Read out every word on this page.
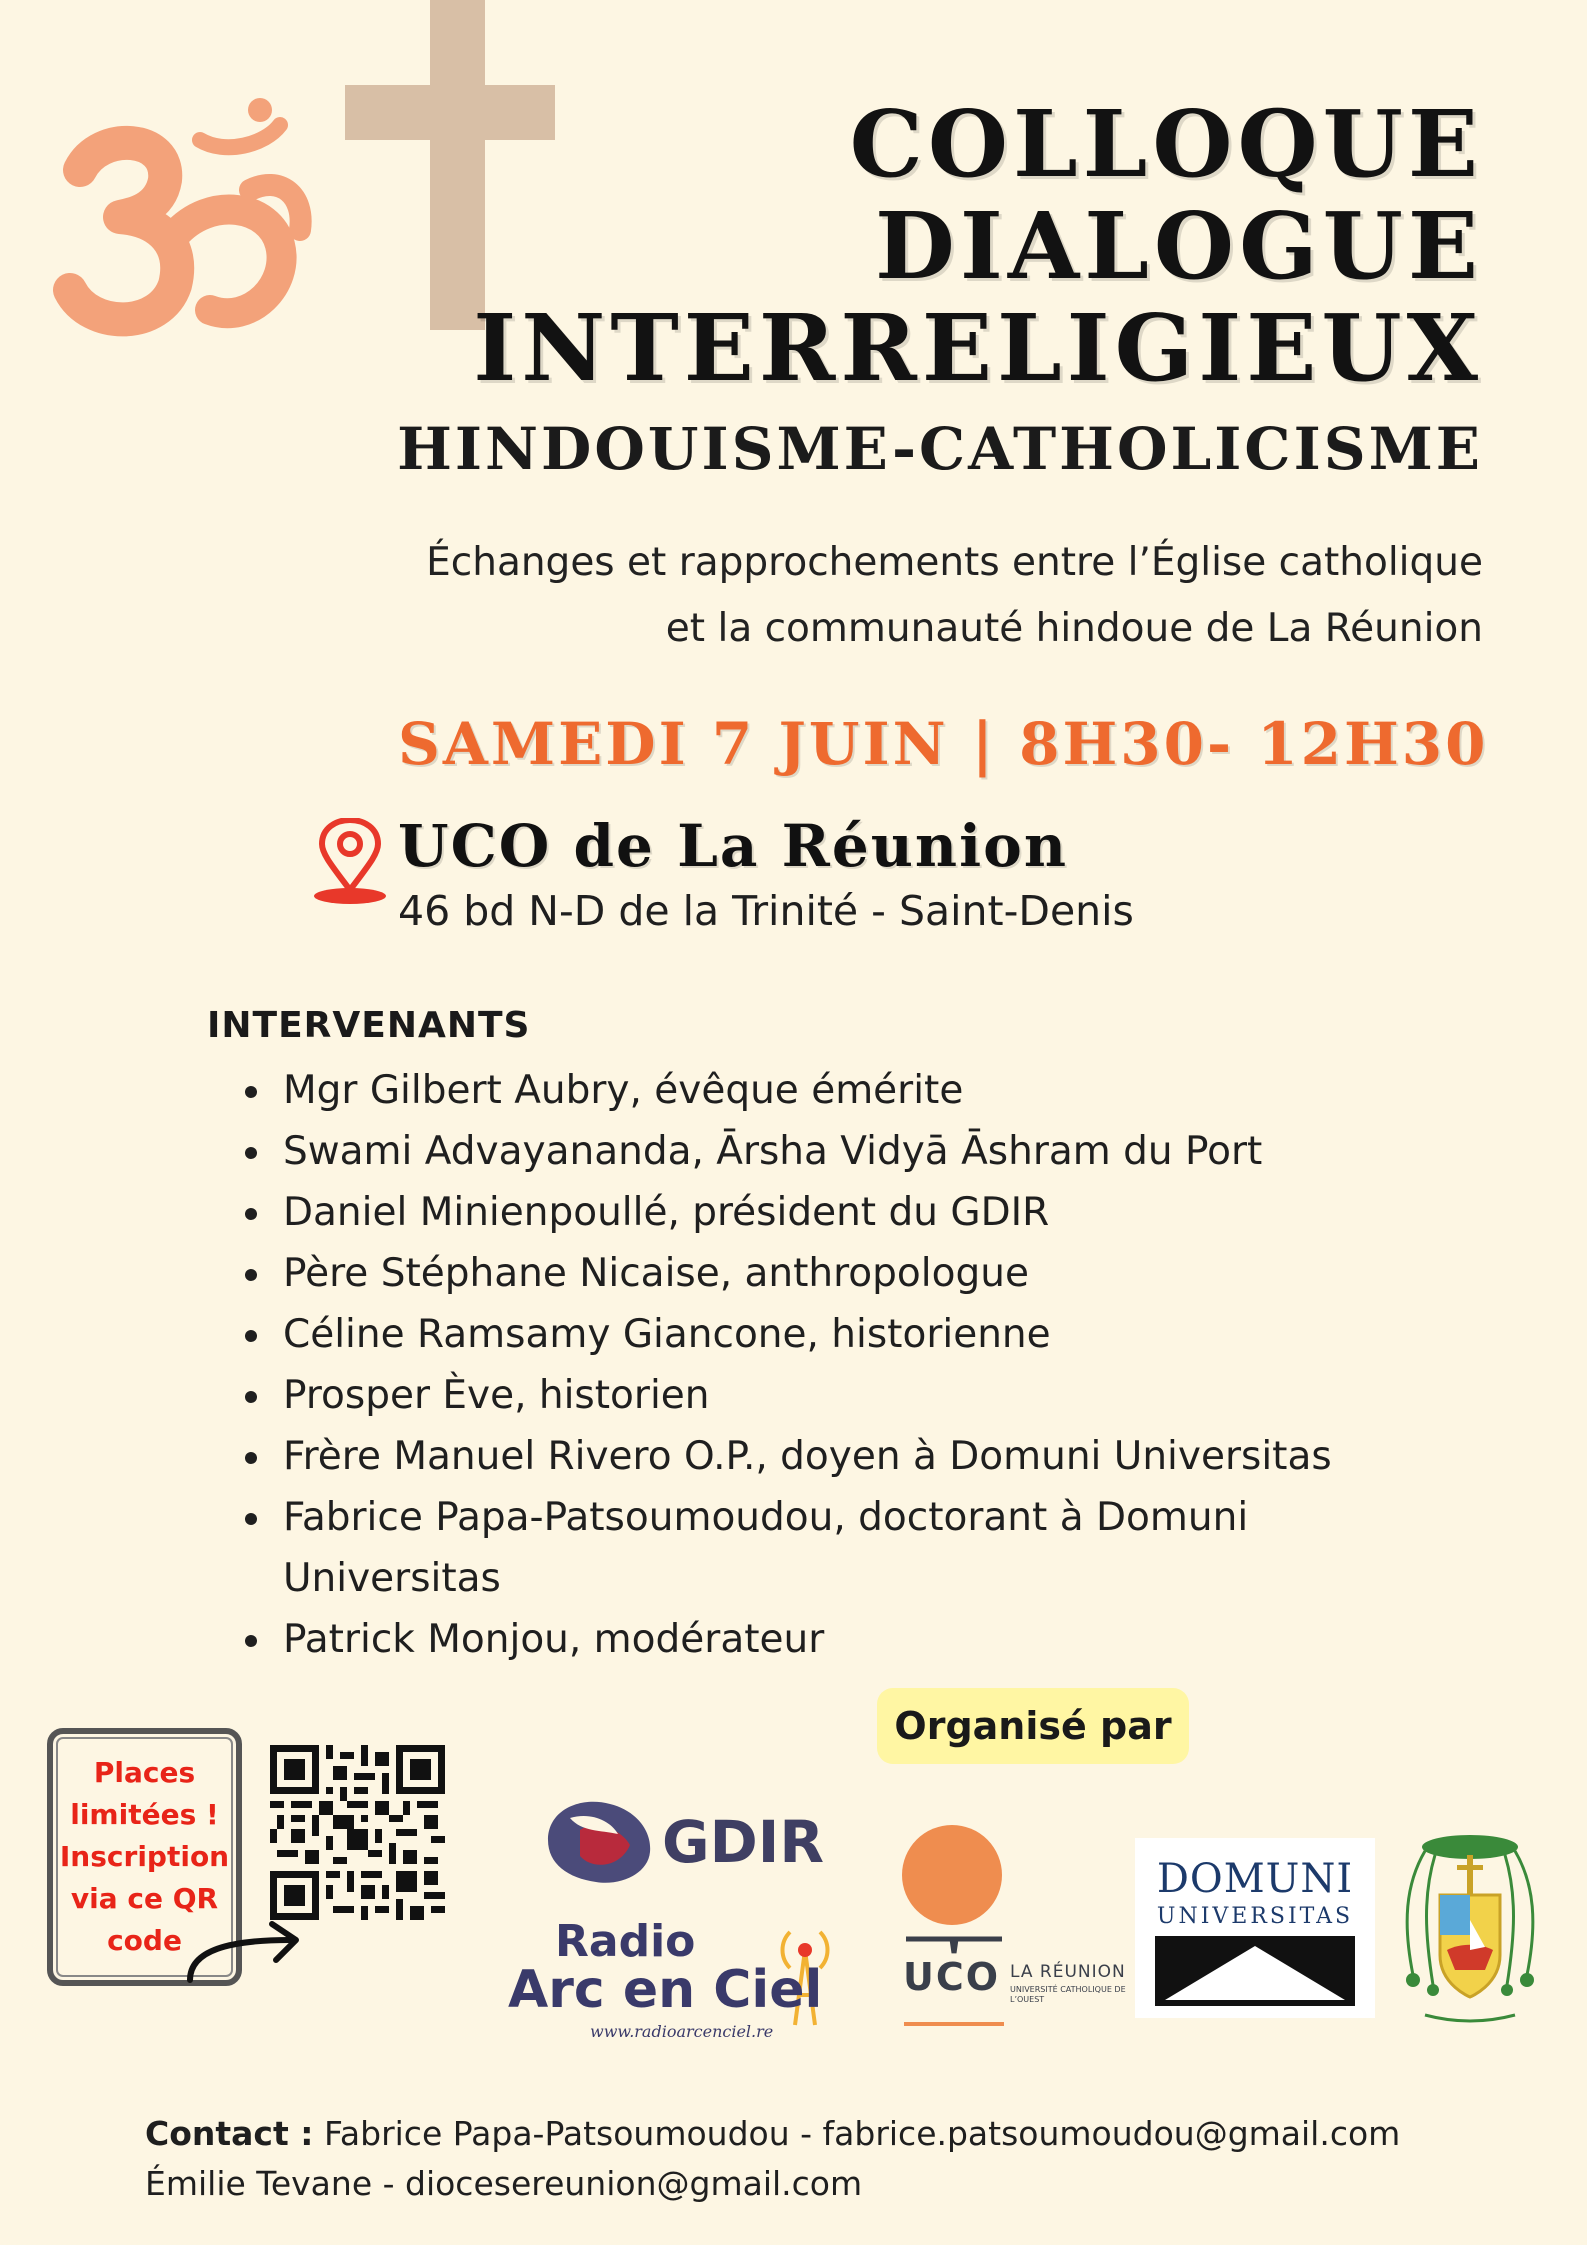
COLLOQUE
DIALOGUE
INTERRELIGIEUX
HINDOUISME-CATHOLICISME
Échanges et rapprochements entre l’Église catholique
et la communauté hindoue de La Réunion
SAMEDI 7 JUIN | 8H30- 12H30
UCO de La Réunion
46 bd N-D de la Trinité - Saint-Denis
INTERVENANTS
Mgr Gilbert Aubry, évêque émérite
Swami Advayananda, Ārsha Vidyā Āshram du Port
Daniel Minienpoullé, président du GDIR
Père Stéphane Nicaise, anthropologue
Céline Ramsamy Giancone, historienne
Prosper Ève, historien
Frère Manuel Rivero O.P., doyen à Domuni Universitas
Fabrice Papa-Patsoumoudou, doctorant à Domuni Universitas
Patrick Monjou, modérateur
Organisé par
Places limitées ! Inscription via ce QR code
GDIR
Radio
Arc en Ciel
www.radioarcenciel.re
UCO LA RÉUNION
UNIVERSITÉ CATHOLIQUE DE L’OUEST
DOMUNI
UNIVERSITAS
Contact : Fabrice Papa-Patsoumoudou - fabrice.patsoumoudou@gmail.com
Émilie Tevane - diocesereunion@gmail.com
